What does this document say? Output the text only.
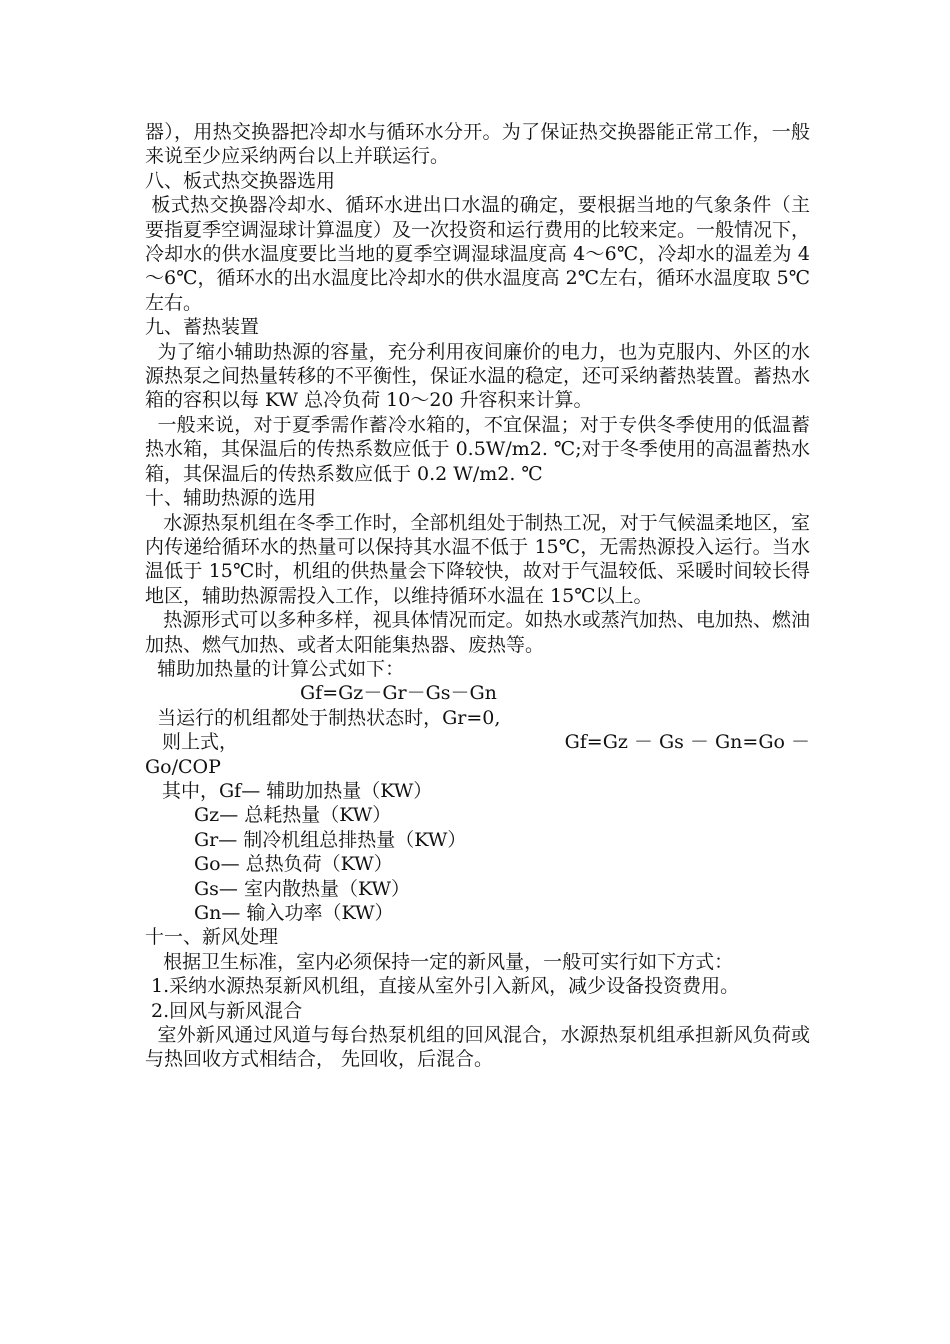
器），用热交换器把冷却水与循环水分开。为了保证热交换器能正常工作，一般来说至少应采纳两台以上并联运行。

八、板式热交换器选用

板式热交换器冷却水、循环水进出口水温的确定，要根据当地的气象条件（主要指夏季空调湿球计算温度）及一次投资和运行费用的比较来定。一般情况下，冷却水的供水温度要比当地的夏季空调湿球温度高 4～6℃，冷却水的温差为 4～6℃，循环水的出水温度比冷却水的供水温度高 2℃左右，循环水温度取 5℃左右。

九、蓄热装置

为了缩小辅助热源的容量，充分利用夜间廉价的电力，也为克服内、外区的水源热泵之间热量转移的不平衡性，保证水温的稳定，还可采纳蓄热装置。蓄热水箱的容积以每 KW 总冷负荷 10～20 升容积来计算。

一般来说，对于夏季需作蓄冷水箱的，不宜保温；对于专供冬季使用的低温蓄热水箱，其保温后的传热系数应低于 0.5W/m2. ℃;对于冬季使用的高温蓄热水箱，其保温后的传热系数应低于 0.2 W/m2. ℃

十、辅助热源的选用

水源热泵机组在冬季工作时，全部机组处于制热工况，对于气候温柔地区，室内传递给循环水的热量可以保持其水温不低于 15℃，无需热源投入运行。当水温低于 15℃时，机组的供热量会下降较快，故对于气温较低、采暖时间较长得地区，辅助热源需投入工作，以维持循环水温在 15℃以上。

热源形式可以多种多样，视具体情况而定。如热水或蒸汽加热、电加热、燃油加热、燃气加热、或者太阳能集热器、废热等。

辅助加热量的计算公式如下：

Gf=Gz－Gr－Gs－Gn

当运行的机组都处于制热状态时，Gr=0,

则上式，	Gf=Gz － Gs － Gn=Go －

Go/COP

其中，Gf— 辅助加热量（KW）

Gz— 总耗热量（KW）

Gr— 制冷机组总排热量（KW）

Go— 总热负荷（KW）

Gs— 室内散热量（KW）

Gn— 输入功率（KW）

十一、新风处理

根据卫生标准，室内必须保持一定的新风量，一般可实行如下方式：

1.采纳水源热泵新风机组，直接从室外引入新风，减少设备投资费用。

2.回风与新风混合

室外新风通过风道与每台热泵机组的回风混合，水源热泵机组承担新风负荷或与热回收方式相结合， 先回收，后混合。
